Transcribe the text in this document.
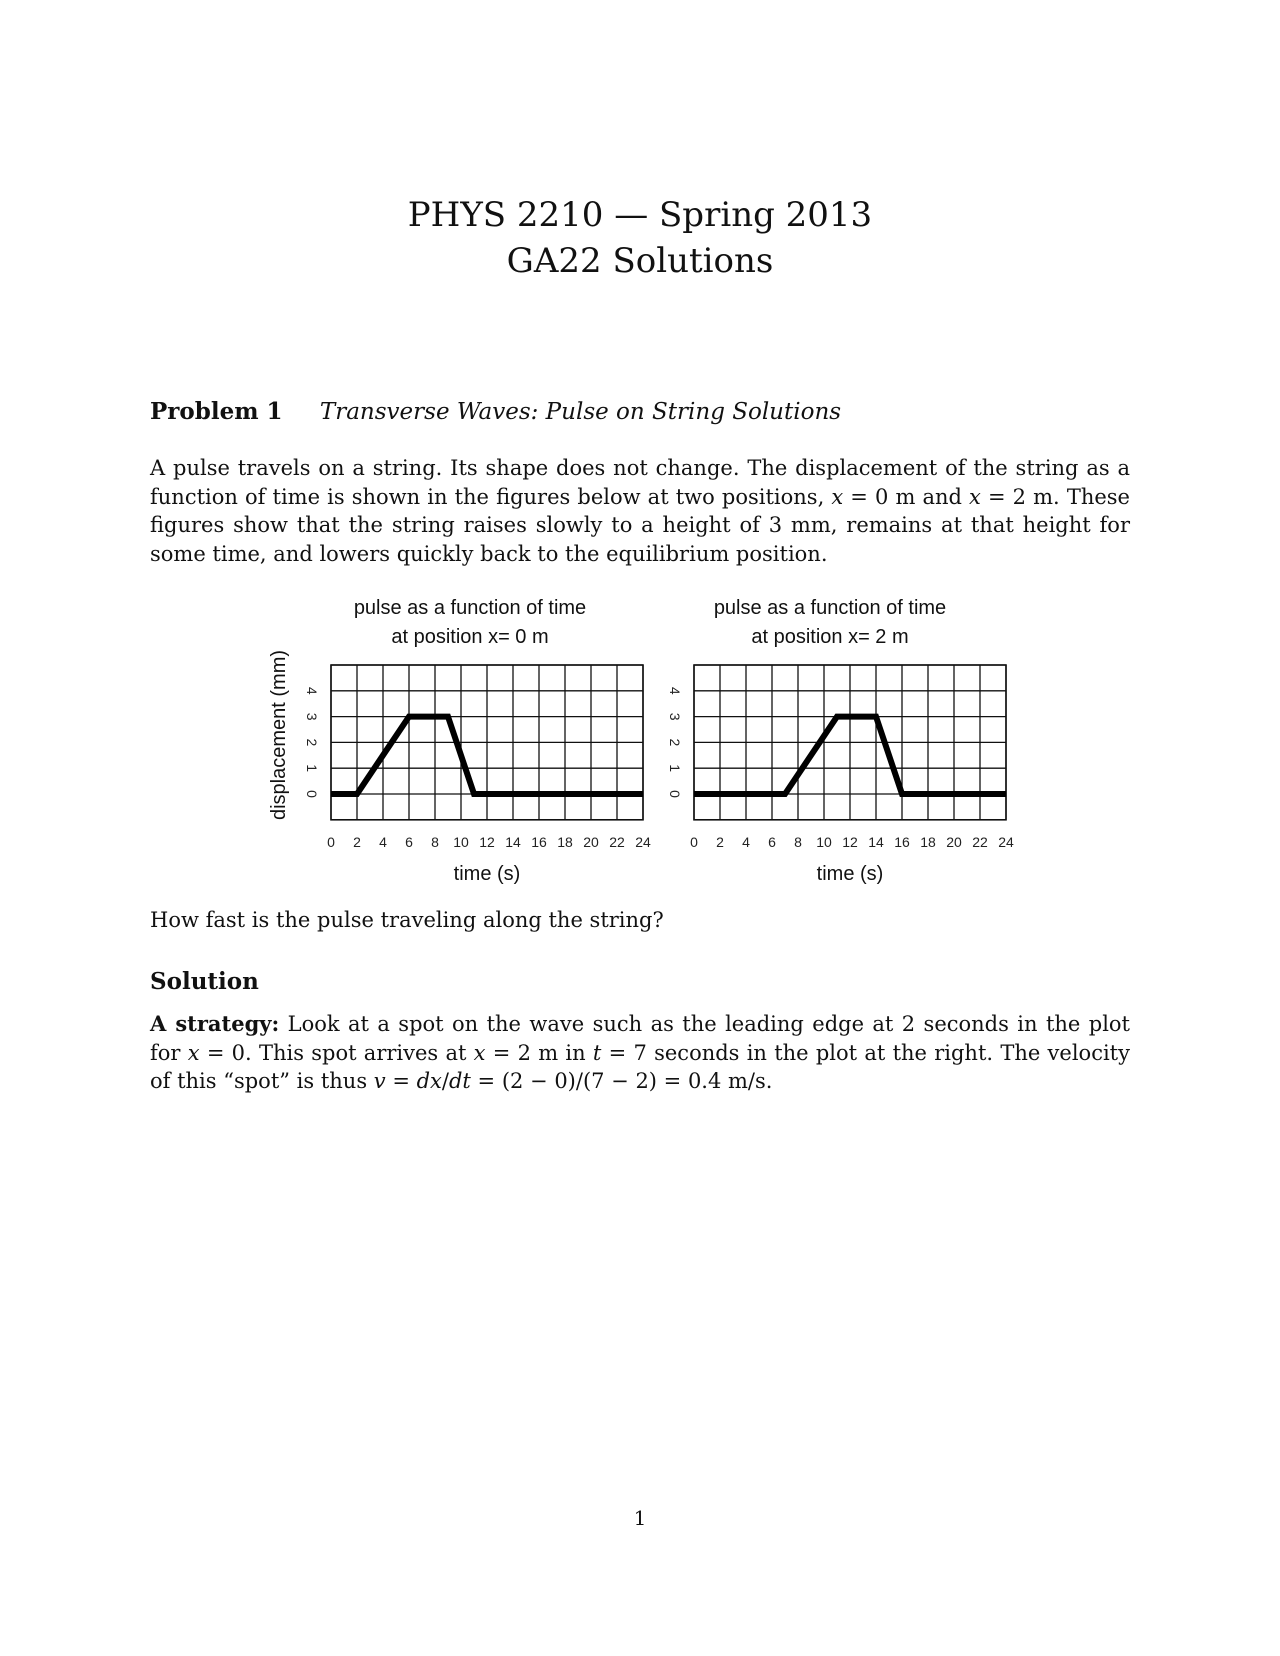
PHYS 2210 — Spring 2013
GA22 Solutions
Problem 1 Transverse Waves: Pulse on String Solutions
A pulse travels on a string. Its shape does not change. The displacement of the string as a function of time is shown in the figures below at two positions, x = 0 m and x = 2 m. These figures show that the string raises slowly to a height of 3 mm, remains at that height for some time, and lowers quickly back to the equilibrium position.
pulse as a function of time
at position x= 0 m
pulse as a function of time
at position x= 2 m
displacement (mm)
0 2 4 6 8 10 12 14 16 18 20 22 24
0
1
2
3
4
time (s)
0 2 4 6 8 10 12 14 16 18 20 22 24
0
1
2
3
4
time (s)
How fast is the pulse traveling along the string?
Solution
A strategy: Look at a spot on the wave such as the leading edge at 2 seconds in the plot for x = 0. This spot arrives at x = 2 m in t = 7 seconds in the plot at the right. The velocity of this “spot” is thus v = dx/dt = (2 − 0)/(7 − 2) = 0.4 m/s.
1
